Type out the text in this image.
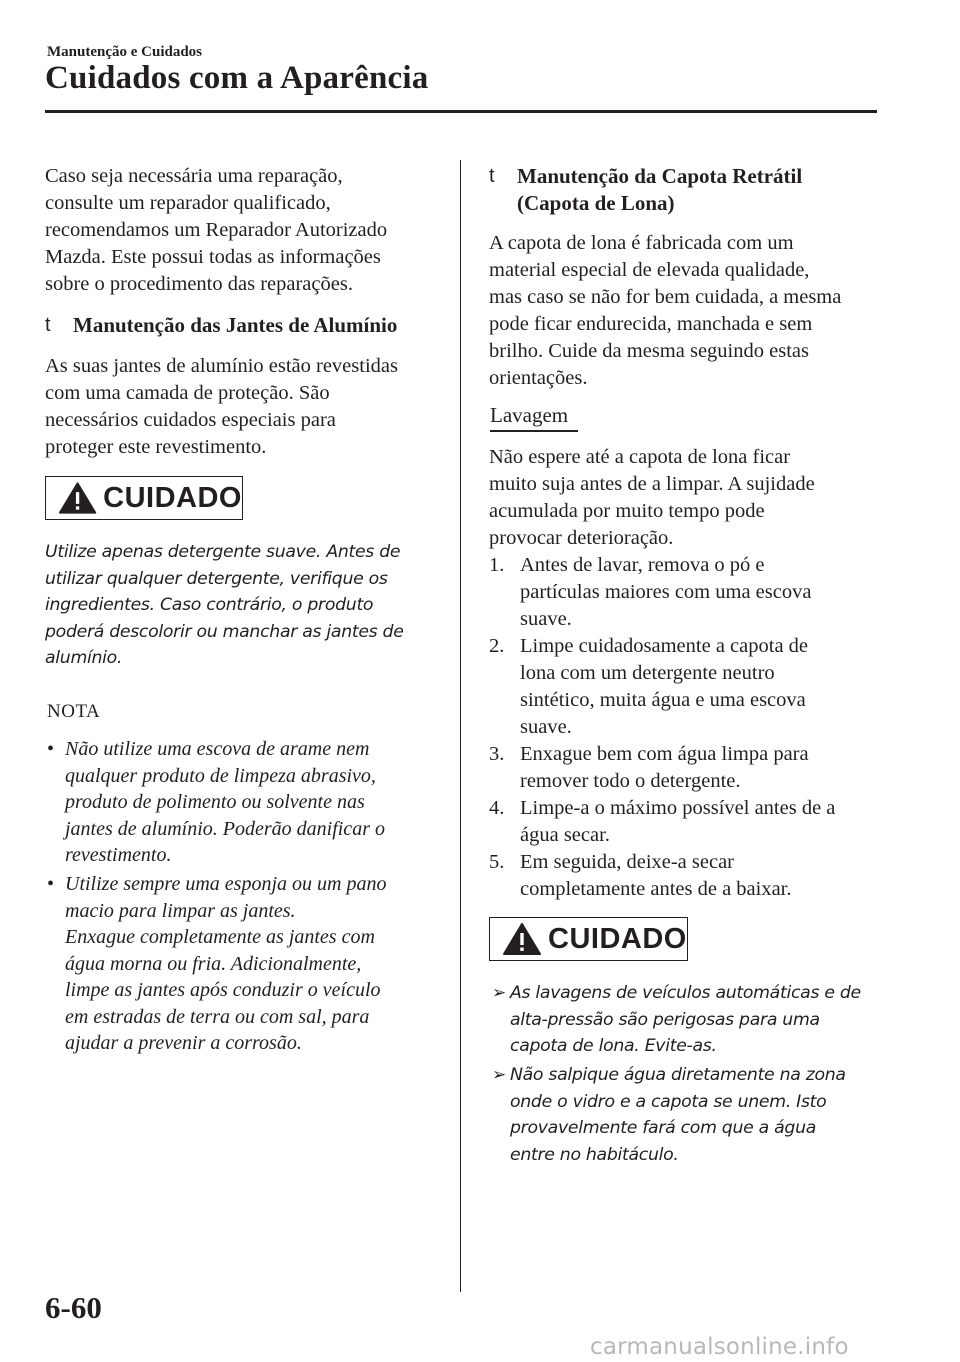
Manutenção e Cuidados
Cuidados com a Aparência

Caso seja necessária uma reparação,

consulte um reparador qualificado,

recomendamos um Reparador Autorizado

Mazda. Este possui todas as informações

sobre o procedimento das reparações.

t Manutenção das Jantes de Alumínio

As suas jantes de alumínio estão revestidas

com uma camada de proteção. São

necessários cuidados especiais para

proteger este revestimento.

CUIDADO
Utilize apenas detergente suave. Antes de
utilizar qualquer detergente, verifique os
ingredientes. Caso contrário, o produto
poderá descolorir ou manchar as jantes de
alumínio.
NOTA
• Não utilize uma escova de arame nem
qualquer produto de limpeza abrasivo,
produto de polimento ou solvente nas
jantes de alumínio. Poderão danificar o
revestimento.
• Utilize sempre uma esponja ou um pano
macio para limpar as jantes.
Enxague completamente as jantes com
água morna ou fria. Adicionalmente,
limpe as jantes após conduzir o veículo
em estradas de terra ou com sal, para
ajudar a prevenir a corrosão.
t Manutenção da Capota Retrátil
(Capota de Lona)

A capota de lona é fabricada com um

material especial de elevada qualidade,

mas caso se não for bem cuidada, a mesma

pode ficar endurecida, manchada e sem

brilho. Cuide da mesma seguindo estas

orientações.

Lavagem

Não espere até a capota de lona ficar

muito suja antes de a limpar. A sujidade

acumulada por muito tempo pode

provocar deterioração.

1. Antes de lavar, remova o pó e
partículas maiores com uma escova
suave.
2. Limpe cuidadosamente a capota de
lona com um detergente neutro
sintético, muita água e uma escova
suave.
3. Enxague bem com água limpa para
remover todo o detergente.
4. Limpe-a o máximo possível antes de a
água secar.
5. Em seguida, deixe-a secar
completamente antes de a baixar.
CUIDADO
➢ As lavagens de veículos automáticas e de
alta-pressão são perigosas para uma
capota de lona. Evite-as.
➢ Não salpique água diretamente na zona
onde o vidro e a capota se unem. Isto
provavelmente fará com que a água
entre no habitáculo.
6-60
carmanualsonline.info
